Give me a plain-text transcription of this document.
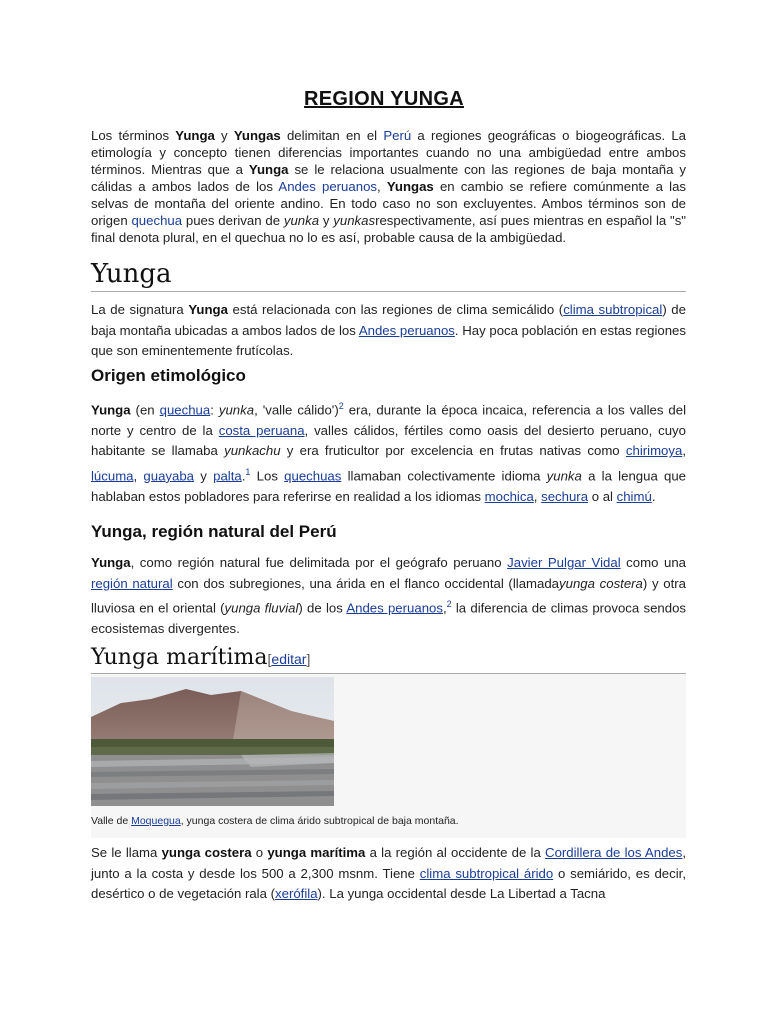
REGION YUNGA
Los términos Yunga y Yungas delimitan en el Perú a regiones geográficas o biogeográficas. La etimología y concepto tienen diferencias importantes cuando no una ambigüedad entre ambos términos. Mientras que a Yunga se le relaciona usualmente con las regiones de baja montaña y cálidas a ambos lados de los Andes peruanos, Yungas en cambio se refiere comúnmente a las selvas de montaña del oriente andino. En todo caso no son excluyentes. Ambos términos son de origen quechua pues derivan de yunka y yunkasrespectivamente, así pues mientras en español la "s" final denota plural, en el quechua no lo es así, probable causa de la ambigüedad.
Yunga
La de signatura Yunga está relacionada con las regiones de clima semicálido (clima subtropical) de baja montaña ubicadas a ambos lados de los Andes peruanos. Hay poca población en estas regiones que son eminentemente frutícolas.
Origen etimológico
Yunga (en quechua: yunka, 'valle cálido')$^2$ era, durante la época incaica, referencia a los valles del norte y centro de la costa peruana, valles cálidos, fértiles como oasis del desierto peruano, cuyo habitante se llamaba yunkachu y era fruticultor por excelencia en frutas nativas como chirimoya, lúcuma, guayaba y palta.$^1$ Los quechuas llamaban colectivamente idioma yunka a la lengua que hablaban estos pobladores para referirse en realidad a los idiomas mochica, sechura o al chimú.
Yunga, región natural del Perú
Yunga, como región natural fue delimitada por el geógrafo peruano Javier Pulgar Vidal como una región natural con dos subregiones, una árida en el flanco occidental (llamadayunga costera) y otra lluviosa en el oriental (yunga fluvial) de los Andes peruanos,$^2$ la diferencia de climas provoca sendos ecosistemas divergentes.
Yunga marítima[editar]
Valle de Moquegua, yunga costera de clima árido subtropical de baja montaña.
Se le llama yunga costera o yunga marítima a la región al occidente de la Cordillera de los Andes, junto a la costa y desde los 500 a 2,300 msnm. Tiene clima subtropical árido o semiárido, es decir, desértico o de vegetación rala (xerófila). La yunga occidental desde La Libertad a Tacna
